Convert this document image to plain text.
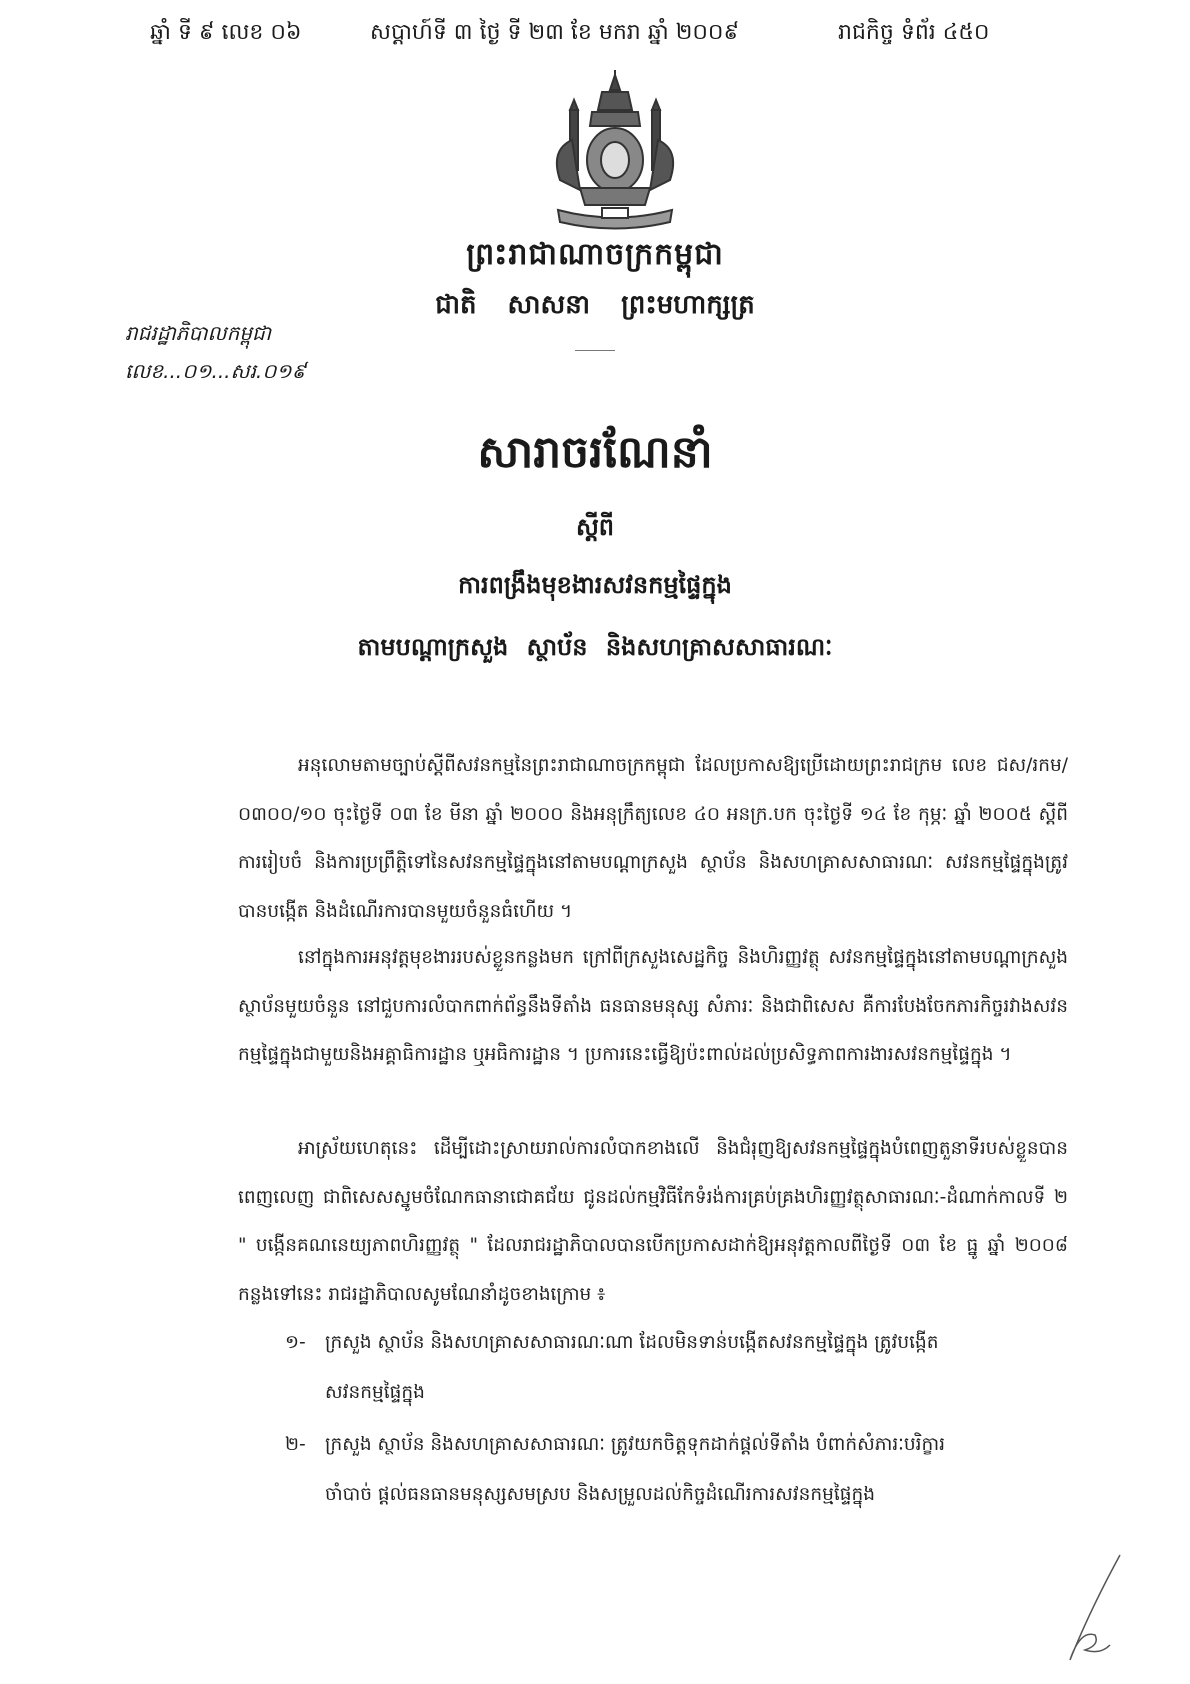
ឆ្នាំ ទី ៩ លេខ ០៦	សប្តាហ៍ទី ៣ ថ្ងៃ ទី ២៣ ខែ មករា ឆ្នាំ ២០០៩	រាជកិច្ច ទំព័រ ៤៥០
ព្រះរាជាណាចក្រកម្ពុជា
ជាតិ សាសនា ព្រះមហាក្សត្រ
រាជរដ្ឋាភិបាលកម្ពុជា
លេខ...០១...សរ.០១៩
សារាចរណែនាំ
ស្តីពី
ការពង្រឹងមុខងារសវនកម្មផ្ទៃក្នុង
តាមបណ្តាក្រសួង ស្ថាប័ន និងសហគ្រាសសាធារណៈ
អនុលោមតាមច្បាប់ស្តីពីសវនកម្មនៃព្រះរាជាណាចក្រកម្ពុជា ដែលប្រកាសឱ្យប្រើដោយព្រះរាជក្រម លេខ ជស/រកម/០៣០០/១០ ចុះថ្ងៃទី ០៣ ខែ មីនា ឆ្នាំ ២០០០ និងអនុក្រឹត្យលេខ ៤០ អនក្រ.បក ចុះថ្ងៃទី ១៤ ខែ កុម្ភៈ ឆ្នាំ ២០០៥ ស្តីពីការរៀបចំ និងការប្រព្រឹត្តិទៅនៃសវនកម្មផ្ទៃក្នុងនៅតាមបណ្តាក្រសួង ស្ថាប័ន និងសហគ្រាសសាធារណៈ សវនកម្មផ្ទៃក្នុងត្រូវបានបង្កើត និងដំណើរការបានមួយចំនួនធំហើយ ។
នៅក្នុងការអនុវត្តមុខងាររបស់ខ្លួនកន្លងមក ក្រៅពីក្រសួងសេដ្ឋកិច្ច និងហិរញ្ញវត្ថុ សវនកម្មផ្ទៃក្នុងនៅតាមបណ្តាក្រសួងស្ថាប័នមួយចំនួន នៅជួបការលំបាកពាក់ព័ន្ធនឹងទីតាំង ធនធានមនុស្ស សំភារៈ និងជាពិសេស គឺការបែងចែកភារកិច្ចរវាងសវនកម្មផ្ទៃក្នុងជាមួយនិងអគ្គាធិការដ្ឋាន ឬអធិការដ្ឋាន ។ ប្រការនេះធ្វើឱ្យប៉ះពាល់ដល់ប្រសិទ្ធភាពការងារសវនកម្មផ្ទៃក្នុង ។
អាស្រ័យហេតុនេះ ដើម្បីដោះស្រាយរាល់ការលំបាកខាងលើ និងជំរុញឱ្យសវនកម្មផ្ទៃក្នុងបំពេញតួនាទីរបស់ខ្លួនបានពេញលេញ ជាពិសេសស្នូមចំណែកធានាជោគជ័យ ជូនដល់កម្មវិធីកែទំរង់ការគ្រប់គ្រងហិរញ្ញវត្ថុសាធារណៈ-ដំណាក់កាលទី ២ " បង្កើនគណនេយ្យភាពហិរញ្ញវត្ថុ " ដែលរាជរដ្ឋាភិបាលបានបើកប្រកាសដាក់ឱ្យអនុវត្តកាលពីថ្ងៃទី ០៣ ខែ ធ្នូ ឆ្នាំ ២០០៨ កន្លងទៅនេះ រាជរដ្ឋាភិបាលសូមណែនាំដូចខាងក្រោម ៖
១- ក្រសួង ស្ថាប័ន និងសហគ្រាសសាធារណៈណា ដែលមិនទាន់បង្កើតសវនកម្មផ្ទៃក្នុង ត្រូវបង្កើត
សវនកម្មផ្ទៃក្នុង
២- ក្រសួង ស្ថាប័ន និងសហគ្រាសសាធារណៈ ត្រូវយកចិត្តទុកដាក់ផ្តល់ទីតាំង បំពាក់សំភារៈបរិក្ខារ
ចាំបាច់ ផ្តល់ធនធានមនុស្សសមស្រប និងសម្រួលដល់កិច្ចដំណើរការសវនកម្មផ្ទៃក្នុង
